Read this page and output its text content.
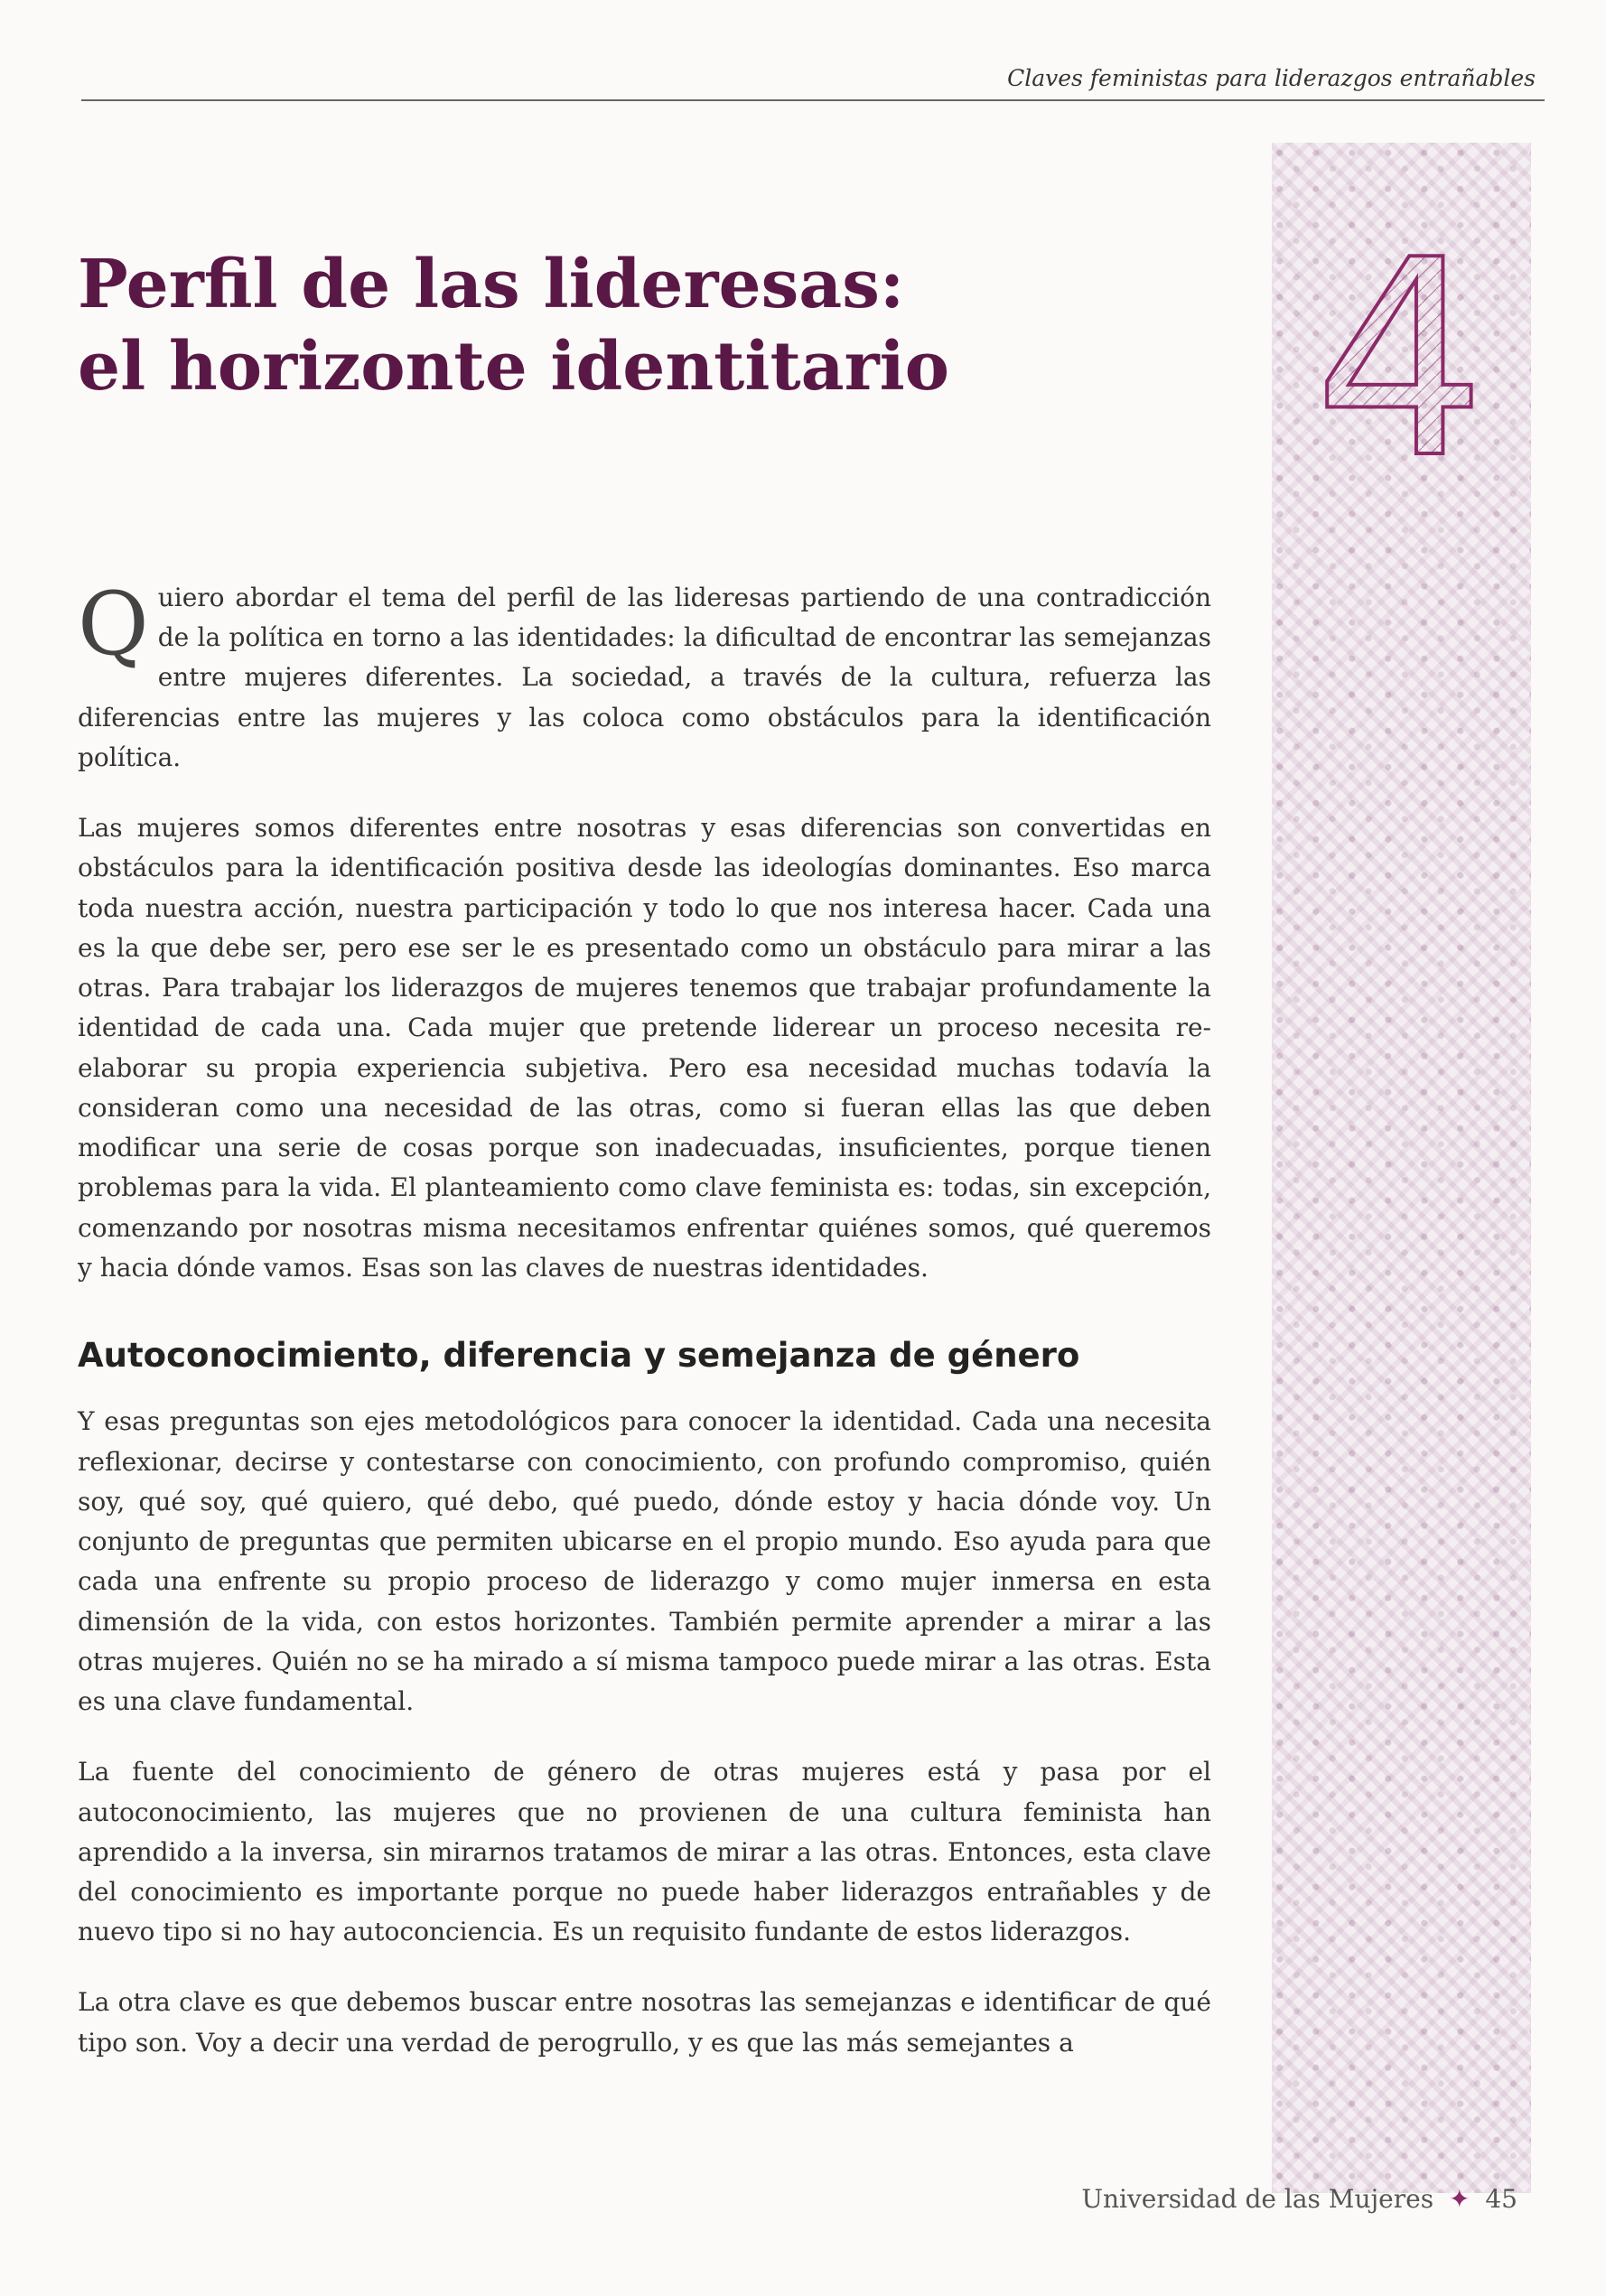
Claves feministas para liderazgos entrañables
4
Perfil de las lideresas:
el horizonte identitario

Quiero abordar el tema del perfil de las lideresas partiendo de una contradicción de la política en torno a las identidades: la dificultad de encontrar las semejanzas entre mujeres diferentes. La sociedad, a través de la cultura, refuerza las diferencias entre las mujeres y las coloca como obstáculos para la identificación política.

Las mujeres somos diferentes entre nosotras y esas diferencias son convertidas en obstáculos para la identificación positiva desde las ideologías dominantes. Eso marca toda nuestra acción, nuestra participación y todo lo que nos interesa hacer. Cada una es la que debe ser, pero ese ser le es presentado como un obstáculo para mirar a las otras. Para trabajar los liderazgos de mujeres tenemos que trabajar profundamente la identidad de cada una. Cada mujer que pretende liderear un proceso necesita re-elaborar su propia experiencia subjetiva. Pero esa necesidad muchas todavía la consideran como una necesidad de las otras, como si fueran ellas las que deben modificar una serie de cosas porque son inadecuadas, insuficientes, porque tienen problemas para la vida. El planteamiento como clave feminista es: todas, sin excepción, comenzando por nosotras misma necesitamos enfrentar quiénes somos, qué queremos y hacia dónde vamos. Esas son las claves de nuestras identidades.

Autoconocimiento, diferencia y semejanza de género

Y esas preguntas son ejes metodológicos para conocer la identidad. Cada una necesita reflexionar, decirse y contestarse con conocimiento, con profundo compromiso, quién soy, qué soy, qué quiero, qué debo, qué puedo, dónde estoy y hacia dónde voy. Un conjunto de preguntas que permiten ubicarse en el propio mundo. Eso ayuda para que cada una enfrente su propio proceso de liderazgo y como mujer inmersa en esta dimensión de la vida, con estos horizontes. También permite aprender a mirar a las otras mujeres. Quién no se ha mirado a sí misma tampoco puede mirar a las otras. Esta es una clave fundamental.

La fuente del conocimiento de género de otras mujeres está y pasa por el autoconocimiento, las mujeres que no provienen de una cultura feminista han aprendido a la inversa, sin mirarnos tratamos de mirar a las otras. Entonces, esta clave del conocimiento es importante porque no puede haber liderazgos entrañables y de nuevo tipo si no hay autoconciencia. Es un requisito fundante de estos liderazgos.

La otra clave es que debemos buscar entre nosotras las semejanzas e identificar de qué tipo son. Voy a decir una verdad de perogrullo, y es que las más semejantes a

Universidad de las Mujeres ✦ 45
